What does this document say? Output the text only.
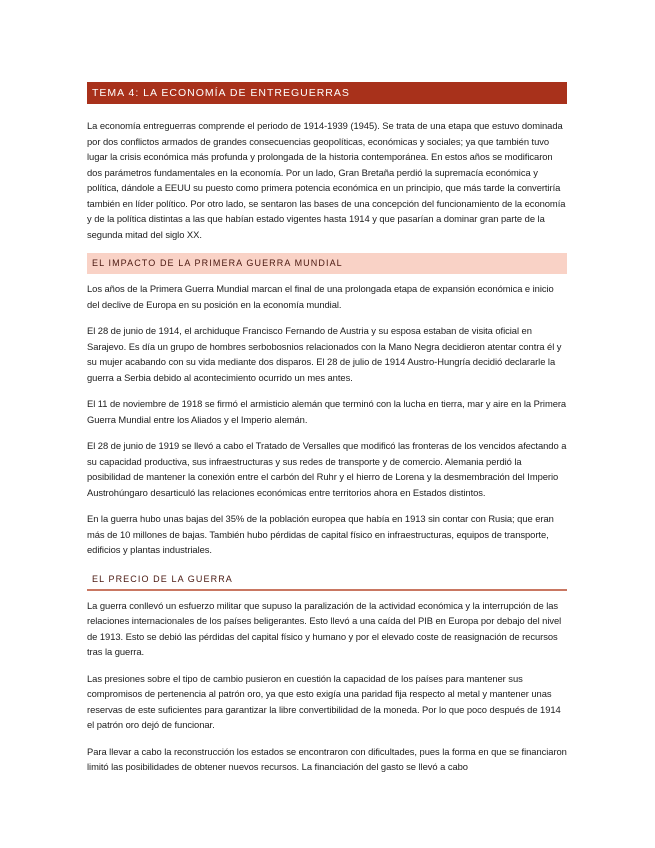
TEMA 4: LA ECONOMÍA DE ENTREGUERRAS

La economía entreguerras comprende el periodo de 1914-1939 (1945). Se trata de una etapa que estuvo dominada por dos conflictos armados de grandes consecuencias geopolíticas, económicas y sociales; ya que también tuvo lugar la crisis económica más profunda y prolongada de la historia contemporánea. En estos años se modificaron dos parámetros fundamentales en la economía. Por un lado, Gran Bretaña perdió la supremacía económica y política, dándole a EEUU su puesto como primera potencia económica en un principio, que más tarde la convertiría también en líder político. Por otro lado, se sentaron las bases de una concepción del funcionamiento de la economía y de la política distintas a las que habían estado vigentes hasta 1914 y que pasarían a dominar gran parte de la segunda mitad del siglo XX.

EL IMPACTO DE LA PRIMERA GUERRA MUNDIAL

Los años de la Primera Guerra Mundial marcan el final de una prolongada etapa de expansión económica e inicio del declive de Europa en su posición en la economía mundial.

El 28 de junio de 1914, el archiduque Francisco Fernando de Austria y su esposa estaban de visita oficial en Sarajevo. Es día un grupo de hombres serbobosnios relacionados con la Mano Negra decidieron atentar contra él y su mujer acabando con su vida mediante dos disparos. El 28 de julio de 1914 Austro-Hungría decidió declararle la guerra a Serbia debido al acontecimiento ocurrido un mes antes.

El 11 de noviembre de 1918 se firmó el armisticio alemán que terminó con la lucha en tierra, mar y aire en la Primera Guerra Mundial entre los Aliados y el Imperio alemán.

El 28 de junio de 1919 se llevó a cabo el Tratado de Versalles que modificó las fronteras de los vencidos afectando a su capacidad productiva, sus infraestructuras y sus redes de transporte y de comercio. Alemania perdió la posibilidad de mantener la conexión entre el carbón del Ruhr y el hierro de Lorena y la desmembración del Imperio Austrohúngaro desarticuló las relaciones económicas entre territorios ahora en Estados distintos.

En la guerra hubo unas bajas del 35% de la población europea que había en 1913 sin contar con Rusia; que eran más de 10 millones de bajas. También hubo pérdidas de capital físico en infraestructuras, equipos de transporte, edificios y plantas industriales.

EL PRECIO DE LA GUERRA

La guerra conllevó un esfuerzo militar que supuso la paralización de la actividad económica y la interrupción de las relaciones internacionales de los países beligerantes. Esto llevó a una caída del PIB en Europa por debajo del nivel de 1913. Esto se debió las pérdidas del capital físico y humano y por el elevado coste de reasignación de recursos tras la guerra.

Las presiones sobre el tipo de cambio pusieron en cuestión la capacidad de los países para mantener sus compromisos de pertenencia al patrón oro, ya que esto exigía una paridad fija respecto al metal y mantener unas reservas de este suficientes para garantizar la libre convertibilidad de la moneda. Por lo que poco después de 1914 el patrón oro dejó de funcionar.

Para llevar a cabo la reconstrucción los estados se encontraron con dificultades, pues la forma en que se financiaron limitó las posibilidades de obtener nuevos recursos. La financiación del gasto se llevó a cabo
